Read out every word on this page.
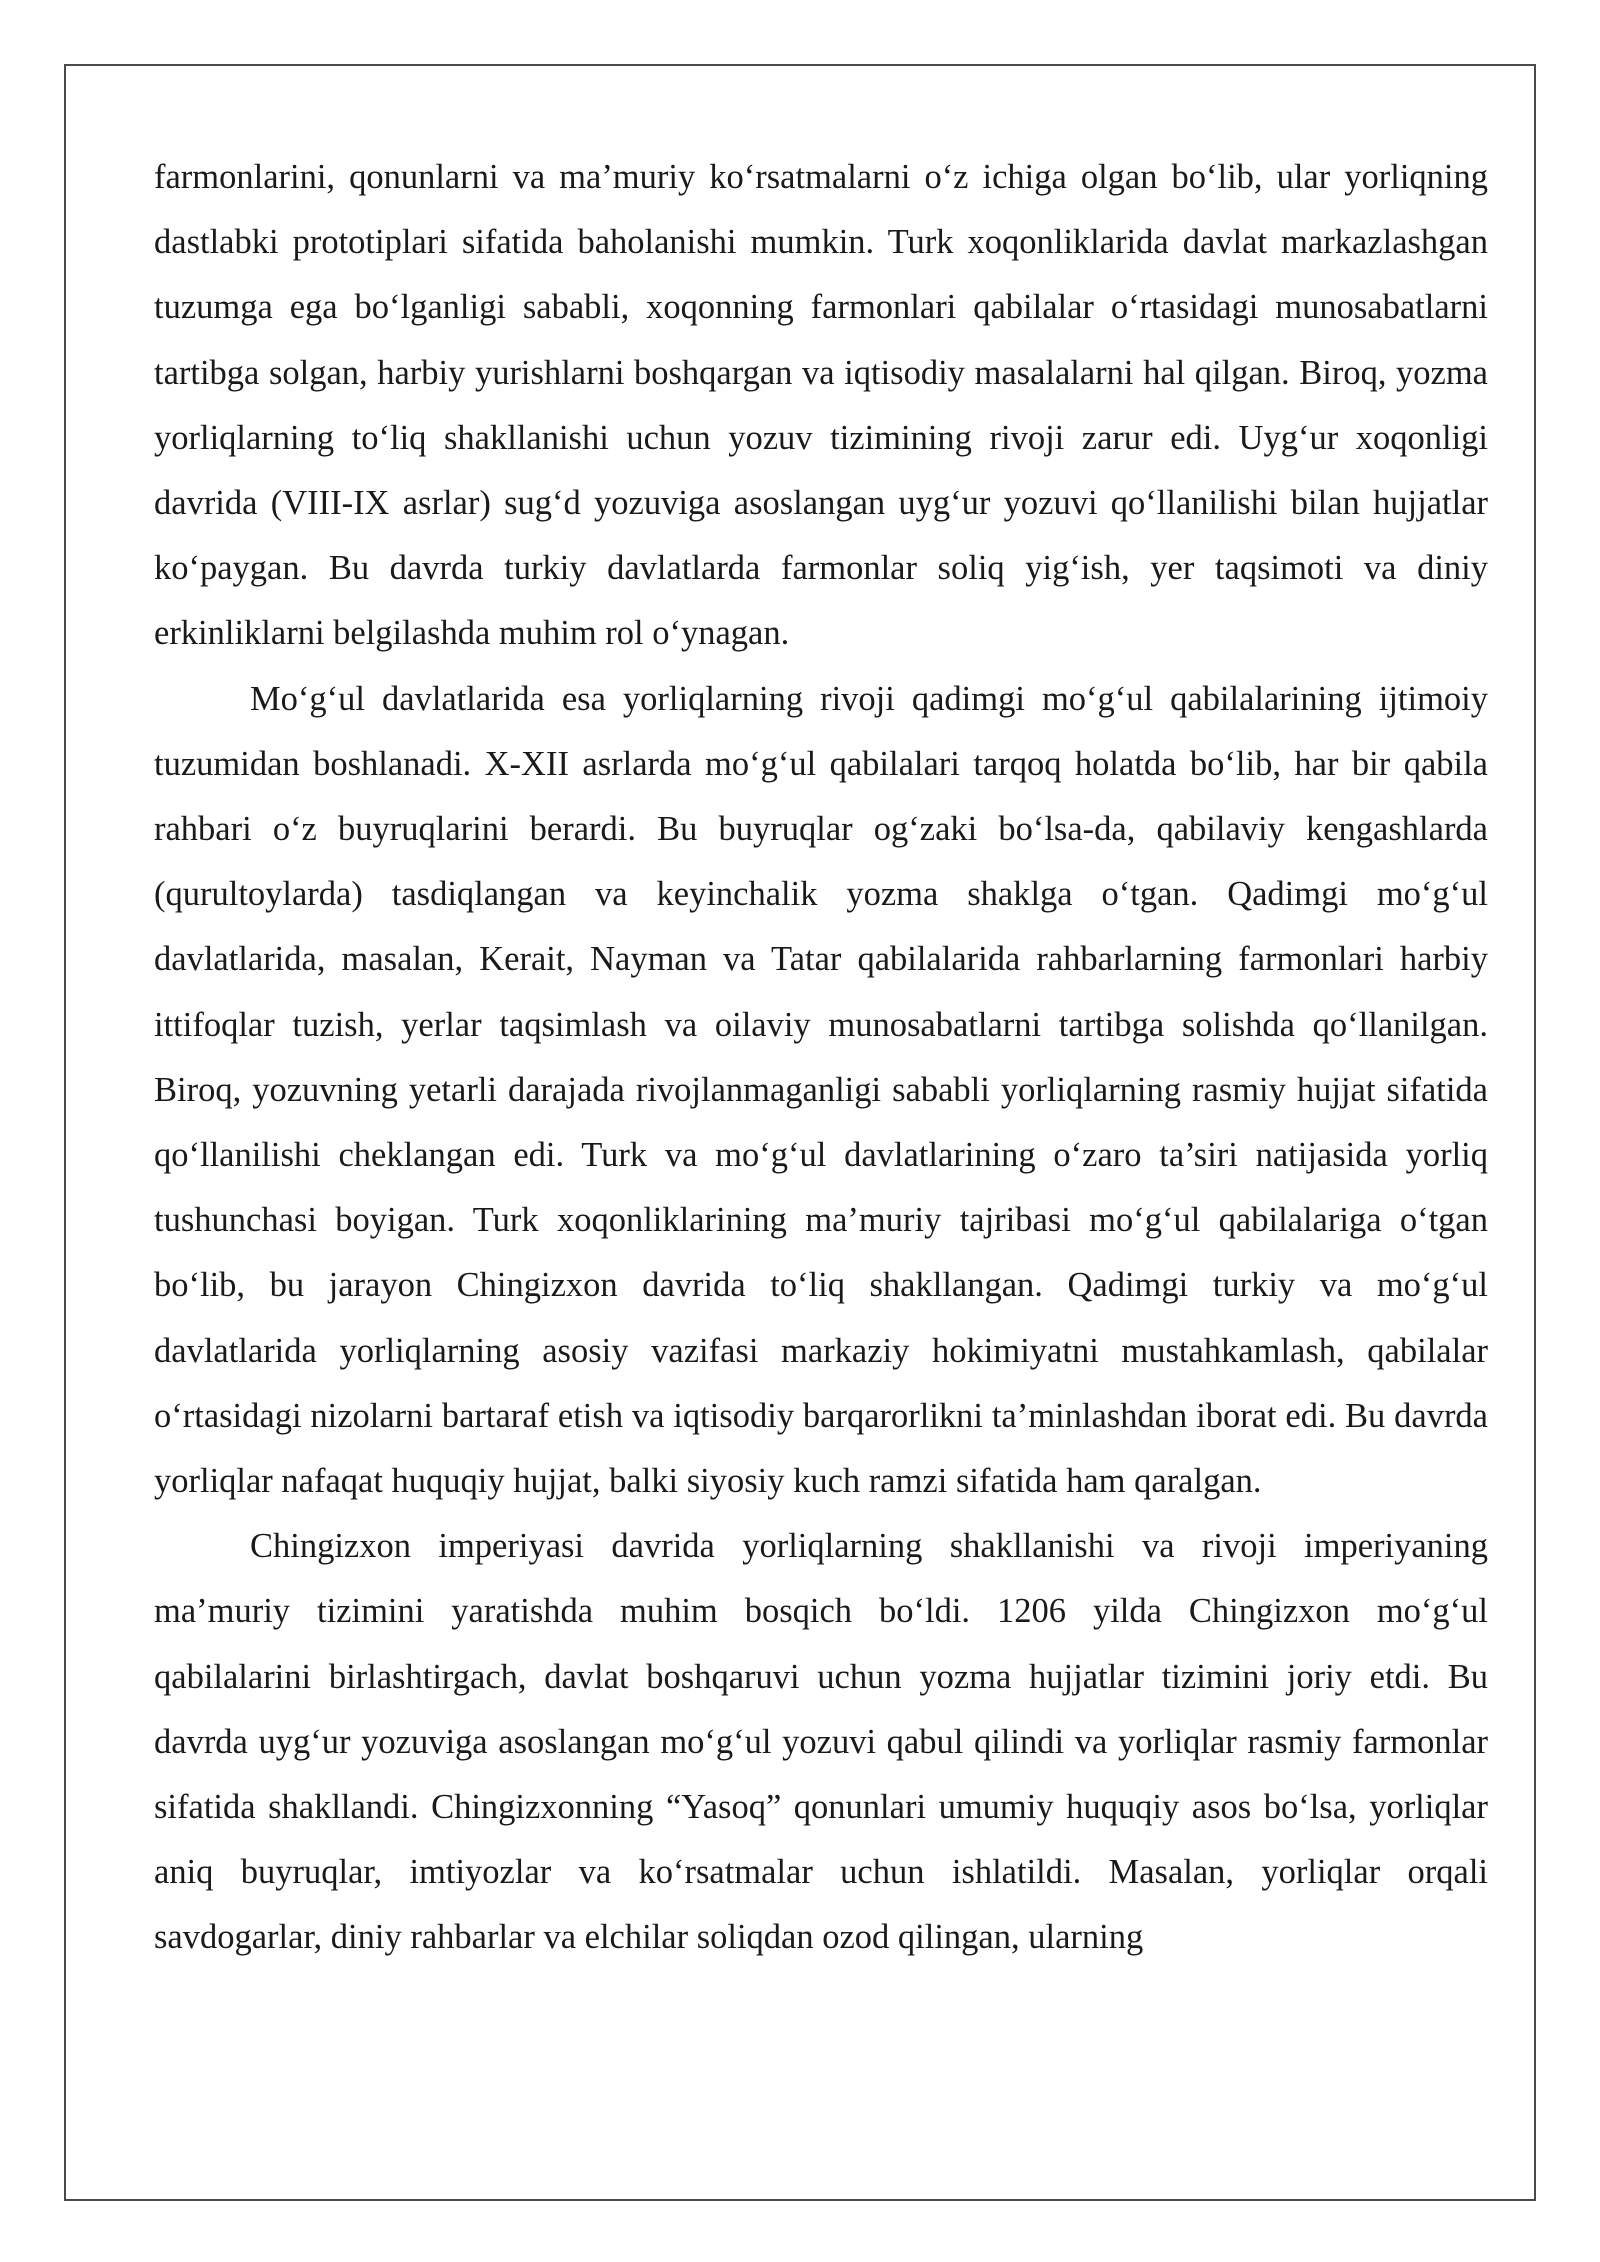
farmonlarini, qonunlarni va ma’muriy ko‘rsatmalarni o‘z ichiga olgan bo‘lib, ular yorliqning dastlabki prototiplari sifatida baholanishi mumkin. Turk xoqonliklarida davlat markazlashgan tuzumga ega bo‘lganligi sababli, xoqonning farmonlari qabilalar o‘rtasidagi munosabatlarni tartibga solgan, harbiy yurishlarni boshqargan va iqtisodiy masalalarni hal qilgan. Biroq, yozma yorliqlarning to‘liq shakllanishi uchun yozuv tizimining rivoji zarur edi. Uyg‘ur xoqonligi davrida (VIII-IX asrlar) sug‘d yozuviga asoslangan uyg‘ur yozuvi qo‘llanilishi bilan hujjatlar ko‘paygan. Bu davrda turkiy davlatlarda farmonlar soliq yig‘ish, yer taqsimoti va diniy erkinliklarni belgilashda muhim rol o‘ynagan.

Mo‘g‘ul davlatlarida esa yorliqlarning rivoji qadimgi mo‘g‘ul qabilalarining ijtimoiy tuzumidan boshlanadi. X-XII asrlarda mo‘g‘ul qabilalari tarqoq holatda bo‘lib, har bir qabila rahbari o‘z buyruqlarini berardi. Bu buyruqlar og‘zaki bo‘lsa-da, qabilaviy kengashlarda (qurultoylarda) tasdiqlangan va keyinchalik yozma shaklga o‘tgan. Qadimgi mo‘g‘ul davlatlarida, masalan, Kerait, Nayman va Tatar qabilalarida rahbarlarning farmonlari harbiy ittifoqlar tuzish, yerlar taqsimlash va oilaviy munosabatlarni tartibga solishda qo‘llanilgan. Biroq, yozuvning yetarli darajada rivojlanmaganligi sababli yorliqlarning rasmiy hujjat sifatida qo‘llanilishi cheklangan edi. Turk va mo‘g‘ul davlatlarining o‘zaro ta’siri natijasida yorliq tushunchasi boyigan. Turk xoqonliklarining ma’muriy tajribasi mo‘g‘ul qabilalariga o‘tgan bo‘lib, bu jarayon Chingizxon davrida to‘liq shakllangan. Qadimgi turkiy va mo‘g‘ul davlatlarida yorliqlarning asosiy vazifasi markaziy hokimiyatni mustahkamlash, qabilalar o‘rtasidagi nizolarni bartaraf etish va iqtisodiy barqarorlikni ta’minlashdan iborat edi. Bu davrda yorliqlar nafaqat huquqiy hujjat, balki siyosiy kuch ramzi sifatida ham qaralgan.

Chingizxon imperiyasi davrida yorliqlarning shakllanishi va rivoji imperiyaning ma’muriy tizimini yaratishda muhim bosqich bo‘ldi. 1206 yilda Chingizxon mo‘g‘ul qabilalarini birlashtirgach, davlat boshqaruvi uchun yozma hujjatlar tizimini joriy etdi. Bu davrda uyg‘ur yozuviga asoslangan mo‘g‘ul yozuvi qabul qilindi va yorliqlar rasmiy farmonlar sifatida shakllandi. Chingizxonning “Yasoq” qonunlari umumiy huquqiy asos bo‘lsa, yorliqlar aniq buyruqlar, imtiyozlar va ko‘rsatmalar uchun ishlatildi. Masalan, yorliqlar orqali savdogarlar, diniy rahbarlar va elchilar soliqdan ozod qilingan, ularning
